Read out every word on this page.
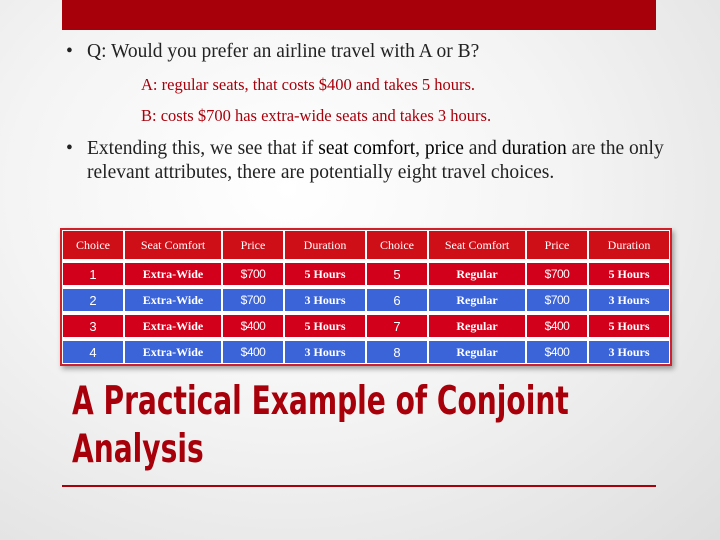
• Q: Would you prefer an airline travel with A or B?
A: regular seats, that costs $400 and takes 5 hours.
B: costs $700 has extra-wide seats and takes 3 hours.
• Extending this, we see that if seat comfort, price and duration are the only relevant attributes, there are potentially eight travel choices.
Choice	Seat Comfort	Price	Duration	Choice	Seat Comfort	Price	Duration
1	Extra-Wide	$700	5 Hours	5	Regular	$700	5 Hours
2	Extra-Wide	$700	3 Hours	6	Regular	$700	3 Hours
3	Extra-Wide	$400	5 Hours	7	Regular	$400	5 Hours
4	Extra-Wide	$400	3 Hours	8	Regular	$400	3 Hours
A Practical Example of Conjoint
Analysis
